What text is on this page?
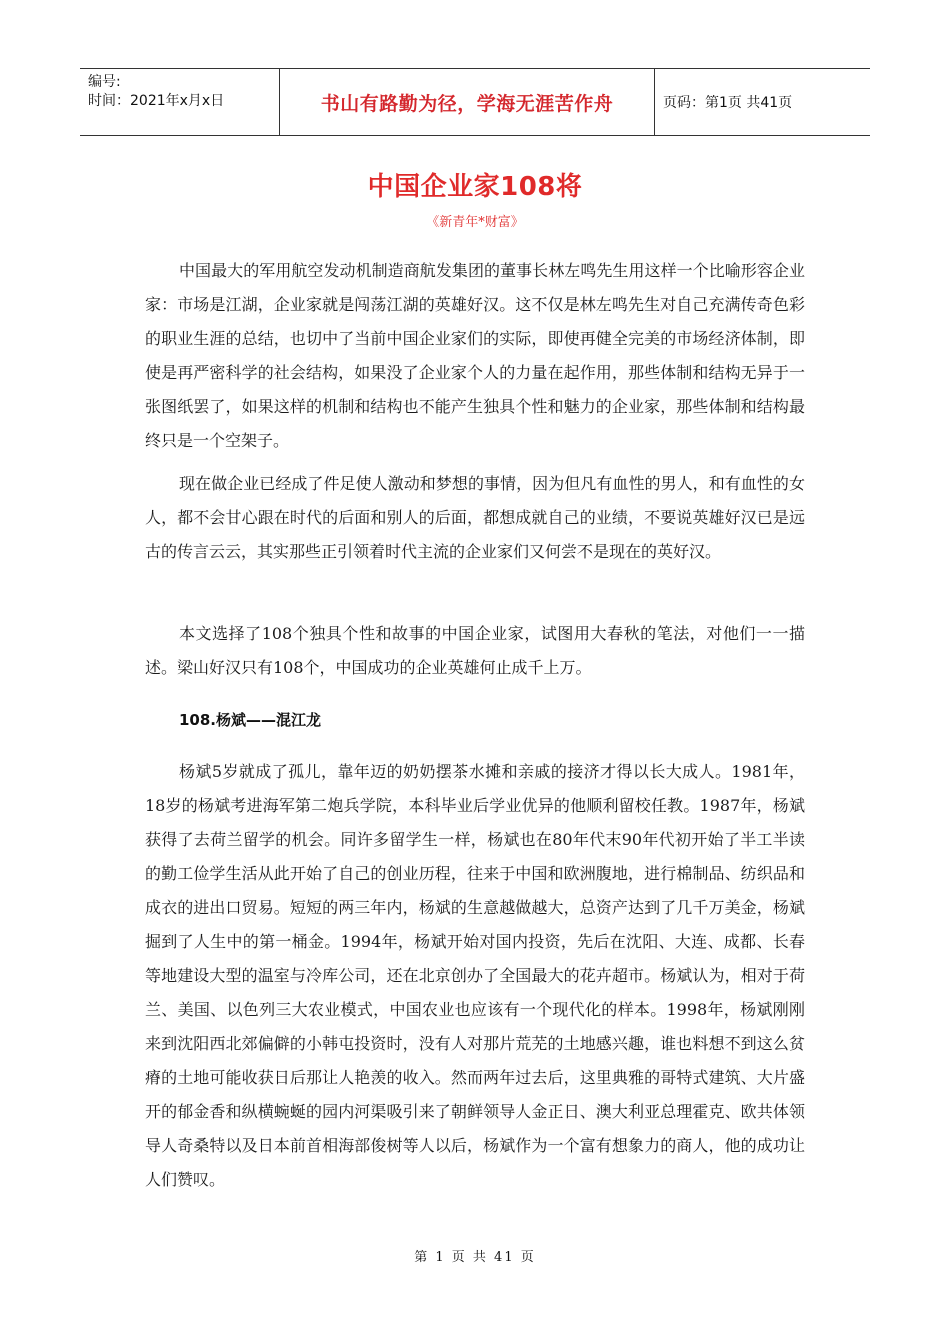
编号:
时间：2021年x月x日	书山有路勤为径，学海无涯苦作舟	页码：第1页 共41页
中国企业家108将
《新青年*财富》

中国最大的军用航空发动机制造商航发集团的董事长林左鸣先生用这样一个比喻形容企业家：市场是江湖，企业家就是闯荡江湖的英雄好汉。这不仅是林左鸣先生对自己充满传奇色彩的职业生涯的总结，也切中了当前中国企业家们的实际，即使再健全完美的市场经济体制，即使是再严密科学的社会结构，如果没了企业家个人的力量在起作用，那些体制和结构无异于一张图纸罢了，如果这样的机制和结构也不能产生独具个性和魅力的企业家，那些体制和结构最终只是一个空架子。

现在做企业已经成了件足使人激动和梦想的事情，因为但凡有血性的男人，和有血性的女人，都不会甘心跟在时代的后面和别人的后面，都想成就自己的业绩，不要说英雄好汉已是远古的传言云云，其实那些正引领着时代主流的企业家们又何尝不是现在的英好汉。

本文选择了108个独具个性和故事的中国企业家，试图用大春秋的笔法，对他们一一描述。梁山好汉只有108个，中国成功的企业英雄何止成千上万。

108.杨斌——混江龙

杨斌5岁就成了孤儿，靠年迈的奶奶摆茶水摊和亲戚的接济才得以长大成人。1981年，18岁的杨斌考进海军第二炮兵学院，本科毕业后学业优异的他顺利留校任教。1987年，杨斌获得了去荷兰留学的机会。同许多留学生一样，杨斌也在80年代末90年代初开始了半工半读的勤工俭学生活从此开始了自己的创业历程，往来于中国和欧洲腹地，进行棉制品、纺织品和成衣的进出口贸易。短短的两三年内，杨斌的生意越做越大，总资产达到了几千万美金，杨斌掘到了人生中的第一桶金。1994年，杨斌开始对国内投资，先后在沈阳、大连、成都、长春等地建设大型的温室与冷库公司，还在北京创办了全国最大的花卉超市。杨斌认为，相对于荷兰、美国、以色列三大农业模式，中国农业也应该有一个现代化的样本。1998年，杨斌刚刚来到沈阳西北郊偏僻的小韩屯投资时，没有人对那片荒芜的土地感兴趣，谁也料想不到这么贫瘠的土地可能收获日后那让人艳羡的收入。然而两年过去后，这里典雅的哥特式建筑、大片盛开的郁金香和纵横蜿蜒的园内河渠吸引来了朝鲜领导人金正日、澳大利亚总理霍克、欧共体领导人奇桑特以及日本前首相海部俊树等人以后，杨斌作为一个富有想象力的商人，他的成功让人们赞叹。

第 1 页 共 41 页
